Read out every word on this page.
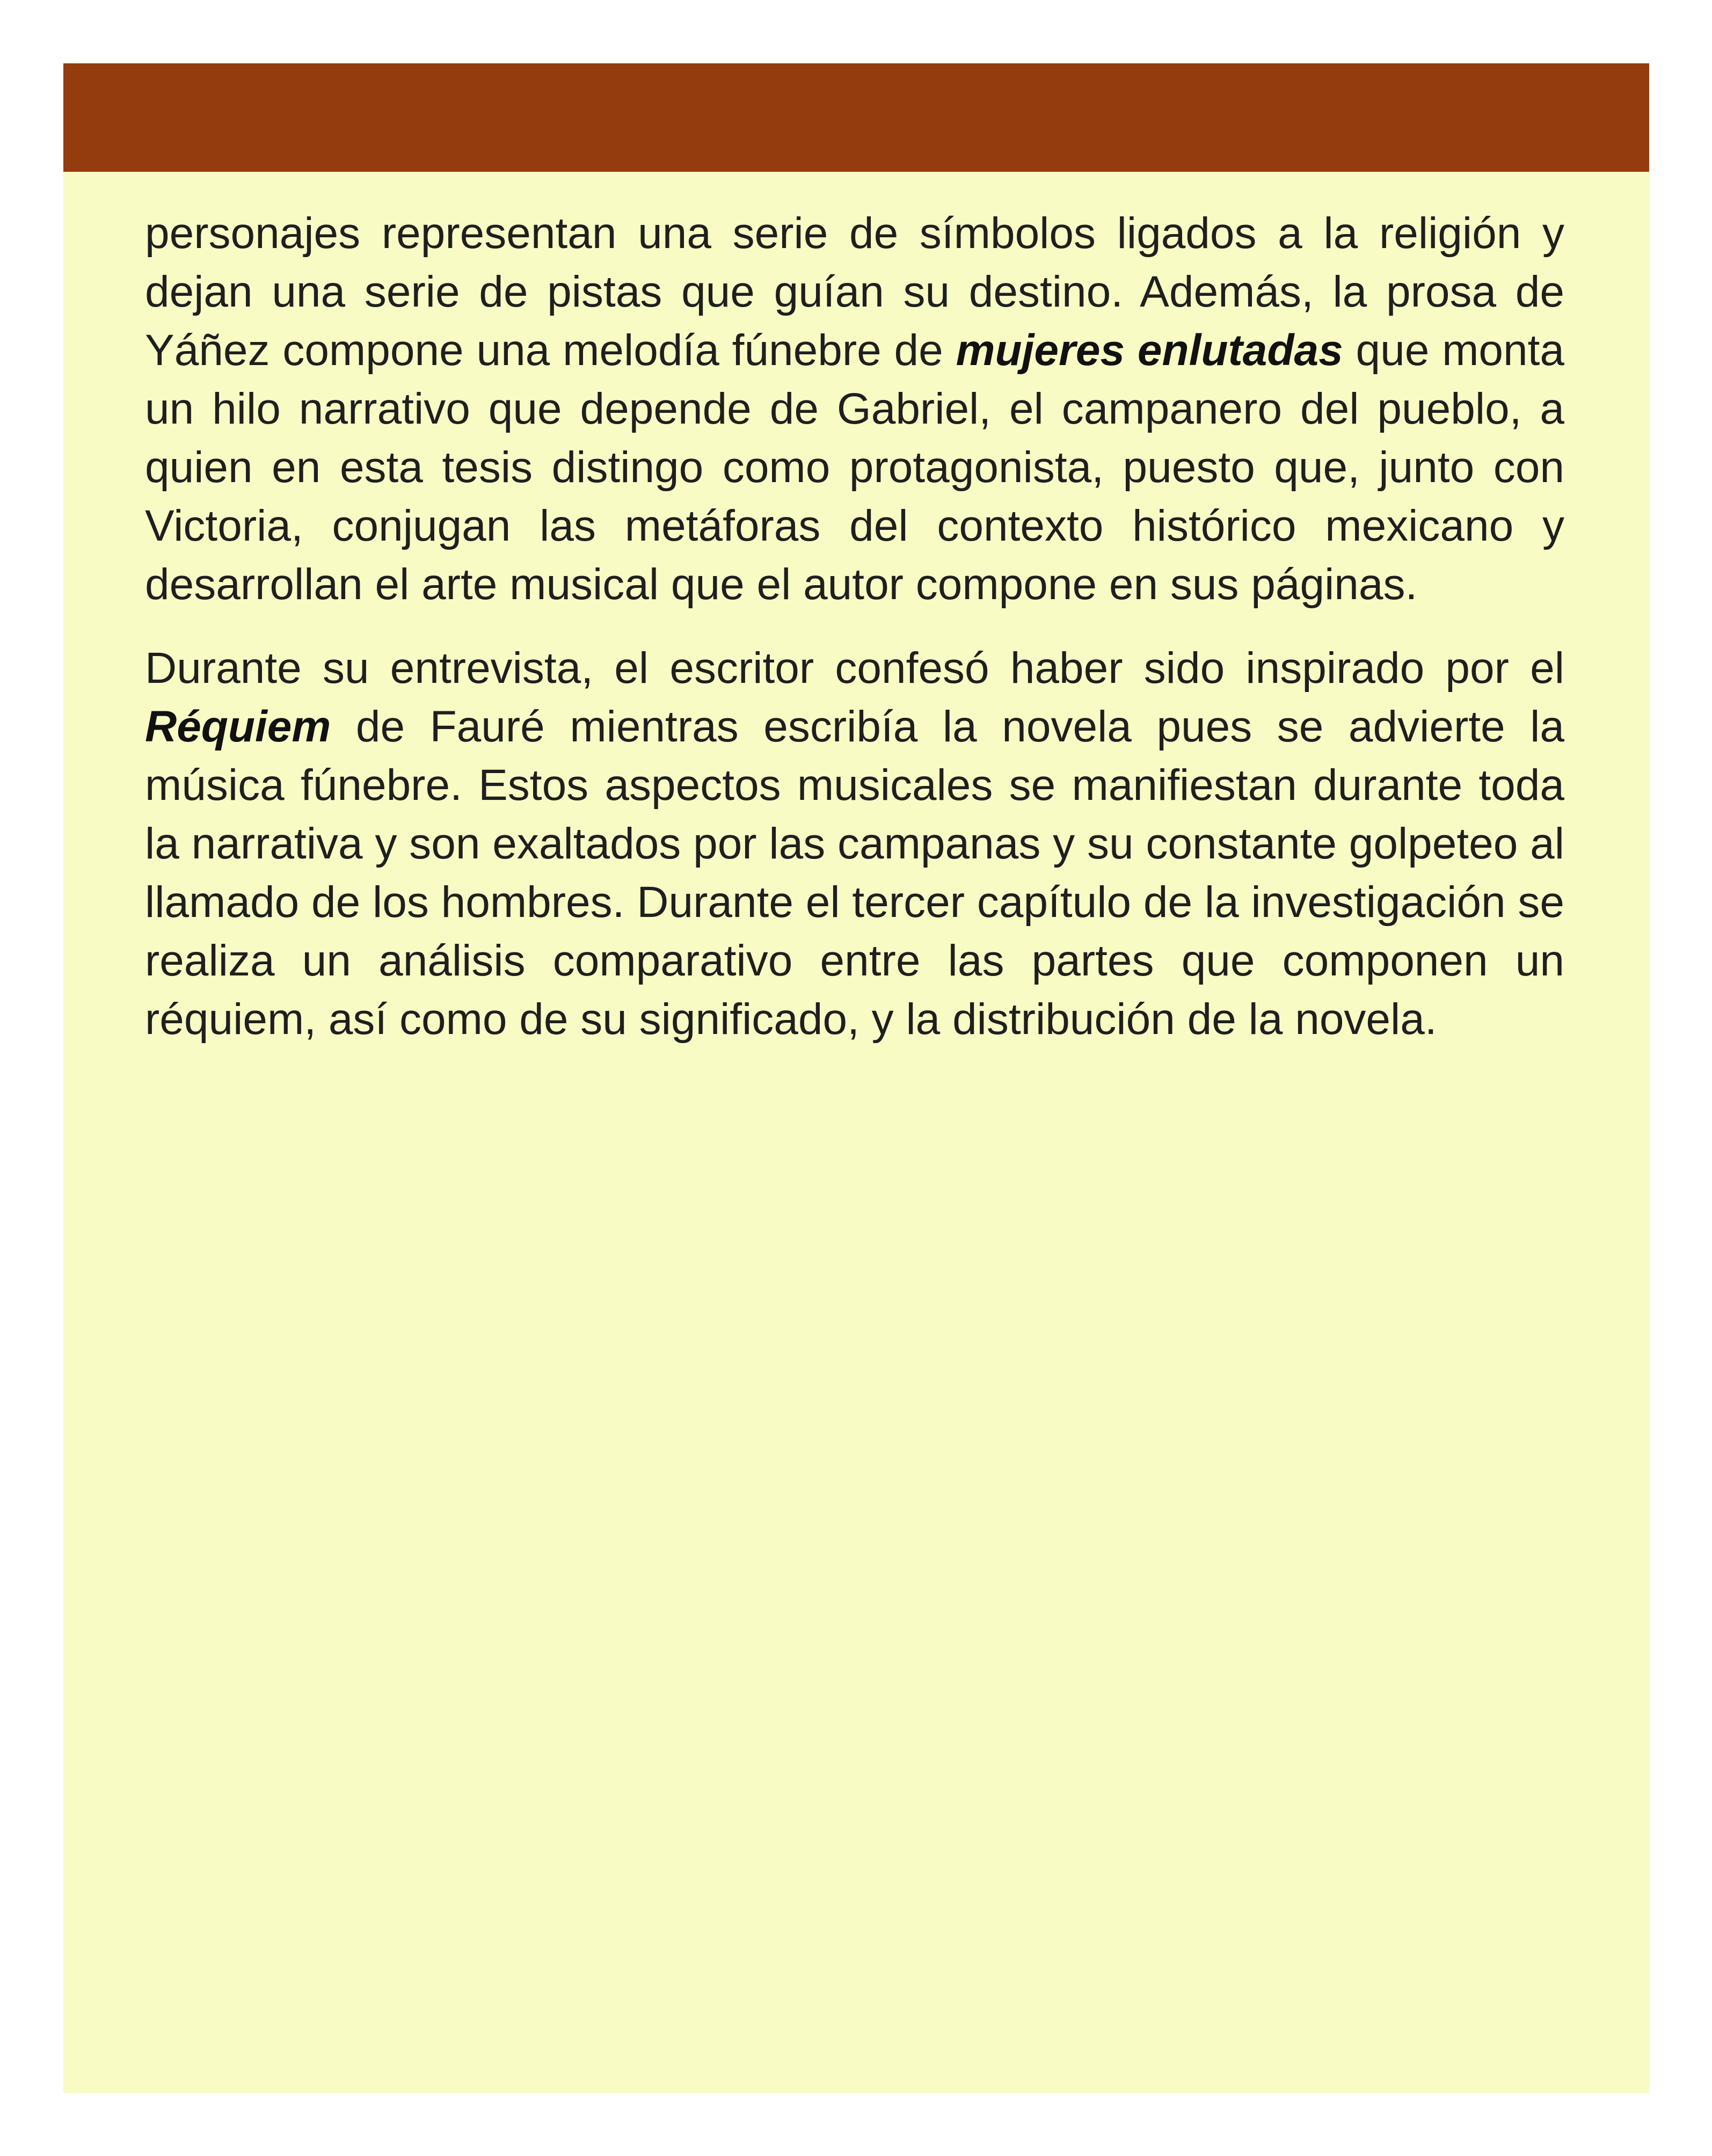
personajes representan una serie de símbolos ligados a la religión y dejan una serie de pistas que guían su destino. Además, la prosa de Yáñez compone una melodía fúnebre de mujeres enlutadas que monta un hilo narrativo que depende de Gabriel, el campanero del pueblo, a quien en esta tesis distingo como protagonista, puesto que, junto con Victoria, conjugan las metáforas del contexto histórico mexicano y desarrollan el arte musical que el autor compone en sus páginas.

Durante su entrevista, el escritor confesó haber sido inspirado por el Réquiem de Fauré mientras escribía la novela pues se advierte la música fúnebre. Estos aspectos musicales se manifiestan durante toda la narrativa y son exaltados por las campanas y su constante golpeteo al llamado de los hombres. Durante el tercer capítulo de la investigación se realiza un análisis comparativo entre las partes que componen un réquiem, así como de su significado, y la distribución de la novela.
